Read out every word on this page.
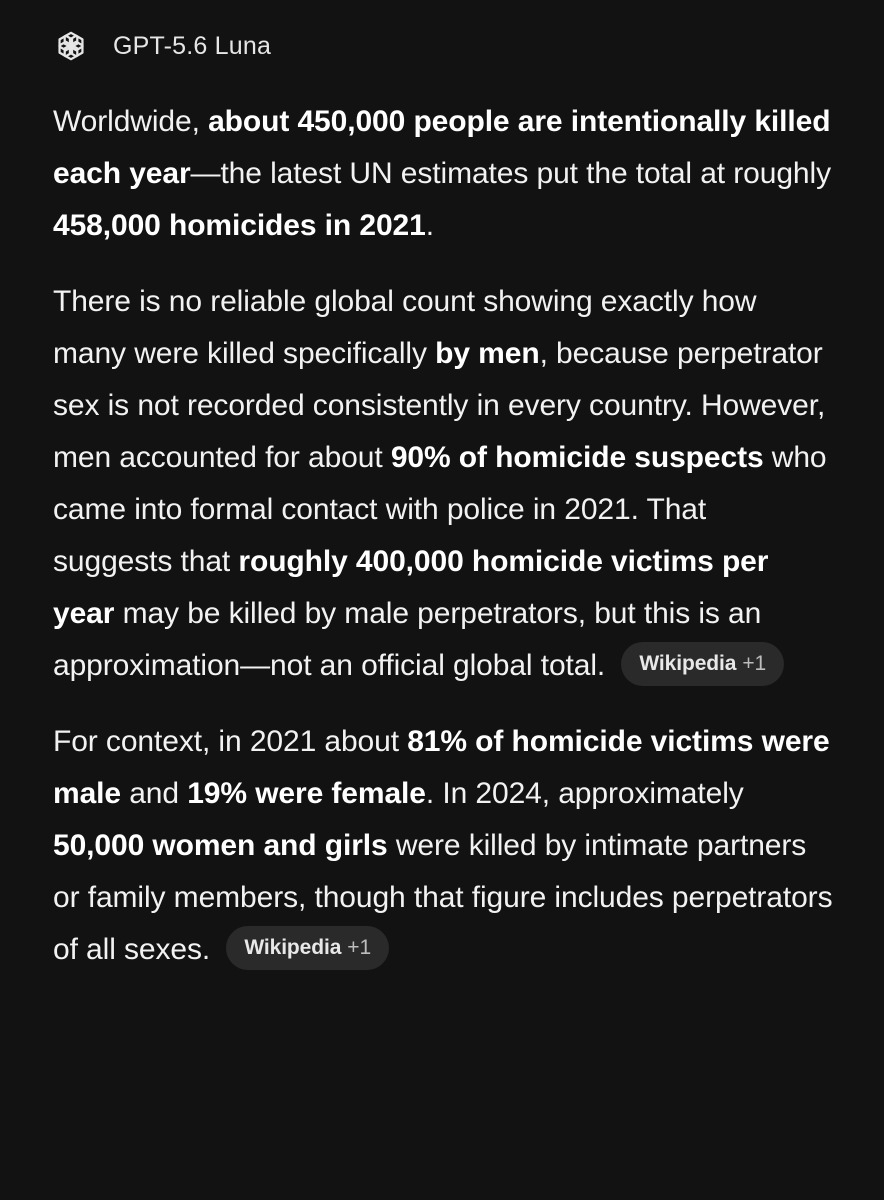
GPT-5.6 Luna

Worldwide, about 450,000 people are intentionally killed each year—the latest UN estimates put the total at roughly 458,000 homicides in 2021.

There is no reliable global count showing exactly how many were killed specifically by men, because perpetrator sex is not recorded consistently in every country. However, men accounted for about 90% of homicide suspects who came into formal contact with police in 2021. That suggests that roughly 400,000 homicide victims per year may be killed by male perpetrators, but this is an approximation—not an official global total. Wikipedia +1

For context, in 2021 about 81% of homicide victims were male and 19% were female. In 2024, approximately 50,000 women and girls were killed by intimate partners or family members, though that figure includes perpetrators of all sexes. Wikipedia +1
